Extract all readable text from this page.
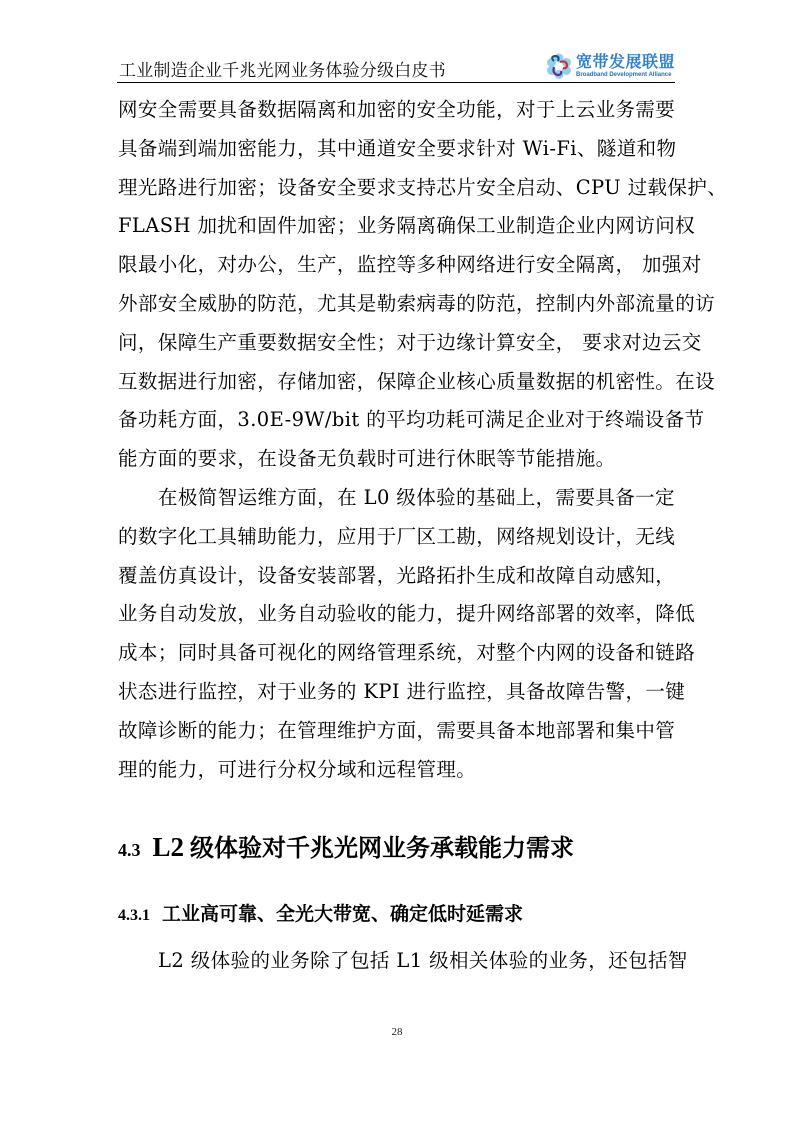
工业制造企业千兆光网业务体验分级白皮书	宽带发展联盟
Broadband Development Alliance
网安全需要具备数据隔离和加密的安全功能，对于上云业务需要
具备端到端加密能力，其中通道安全要求针对 Wi-Fi、隧道和物
理光路进行加密；设备安全要求支持芯片安全启动、CPU 过载保护、
FLASH 加扰和固件加密；业务隔离确保工业制造企业内网访问权
限最小化，对办公，生产，监控等多种网络进行安全隔离， 加强对
外部安全威胁的防范，尤其是勒索病毒的防范，控制内外部流量的访
问，保障生产重要数据安全性；对于边缘计算安全， 要求对边云交
互数据进行加密，存储加密，保障企业核心质量数据的机密性。在设
备功耗方面，3.0E-9W/bit 的平均功耗可满足企业对于终端设备节
能方面的要求，在设备无负载时可进行休眠等节能措施。
在极简智运维方面，在 L0 级体验的基础上，需要具备一定
的数字化工具辅助能力，应用于厂区工勘，网络规划设计，无线
覆盖仿真设计，设备安装部署，光路拓扑生成和故障自动感知，
业务自动发放，业务自动验收的能力，提升网络部署的效率，降低
成本；同时具备可视化的网络管理系统，对整个内网的设备和链路
状态进行监控，对于业务的 KPI 进行监控，具备故障告警，一键
故障诊断的能力；在管理维护方面，需要具备本地部署和集中管
理的能力，可进行分权分域和远程管理。
4.3 L2 级体验对千兆光网业务承载能力需求
4.3.1 工业高可靠、全光大带宽、确定低时延需求
L2 级体验的业务除了包括 L1 级相关体验的业务，还包括智
28
